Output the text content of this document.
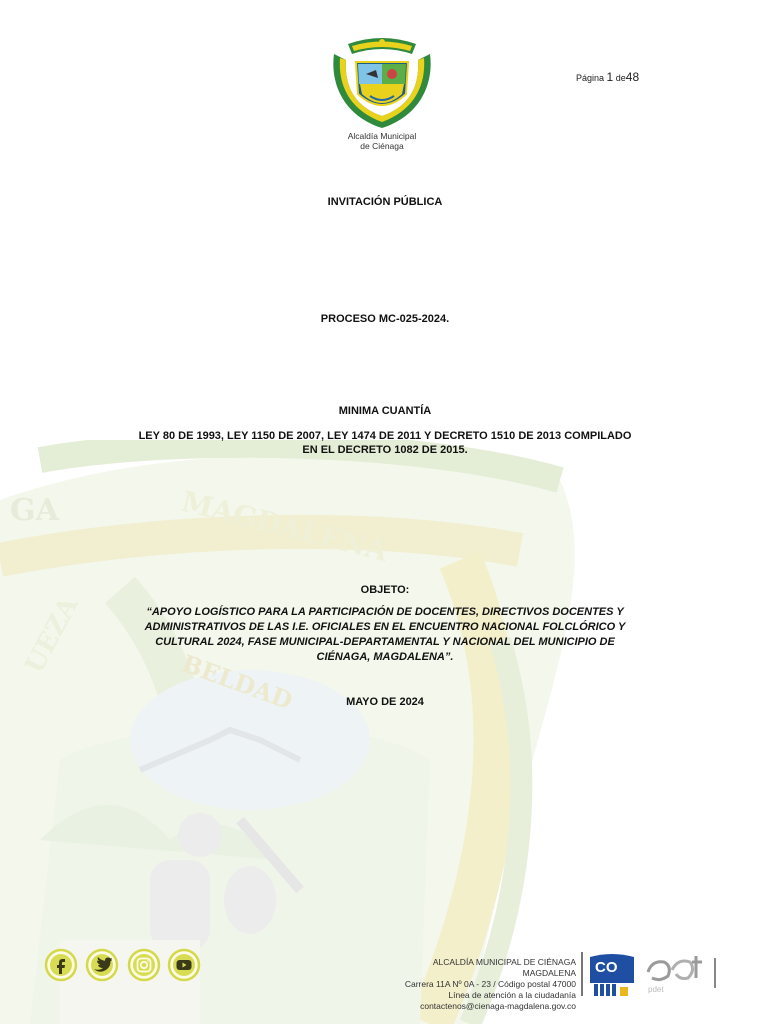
GA	MAGDALENA
UEZA
BELDAD
Alcaldía Municipal
de Ciénaga
Página 1 de48
INVITACIÓN PÚBLICA
PROCESO MC-025-2024.
MINIMA CUANTÍA
LEY 80 DE 1993, LEY 1150 DE 2007, LEY 1474 DE 2011 Y DECRETO 1510 DE 2013 COMPILADO
EN EL DECRETO 1082 DE 2015.
OBJETO:
“APOYO LOGÍSTICO PARA LA PARTICIPACIÓN DE DOCENTES, DIRECTIVOS DOCENTES Y
ADMINISTRATIVOS DE LAS I.E. OFICIALES EN EL ENCUENTRO NACIONAL FOLCLÓRICO Y
CULTURAL 2024, FASE MUNICIPAL-DEPARTAMENTAL Y NACIONAL DEL MUNICIPIO DE
CIÉNAGA, MAGDALENA”.
MAYO DE 2024
ALCALDÍA MUNICIPAL DE CIÉNAGA MAGDALENA
Carrera 11A Nº 0A - 23 / Código postal 47000
Línea de atención a la ciudadanía
contactenos@cienaga-magdalena.gov.co
CO
pdet
